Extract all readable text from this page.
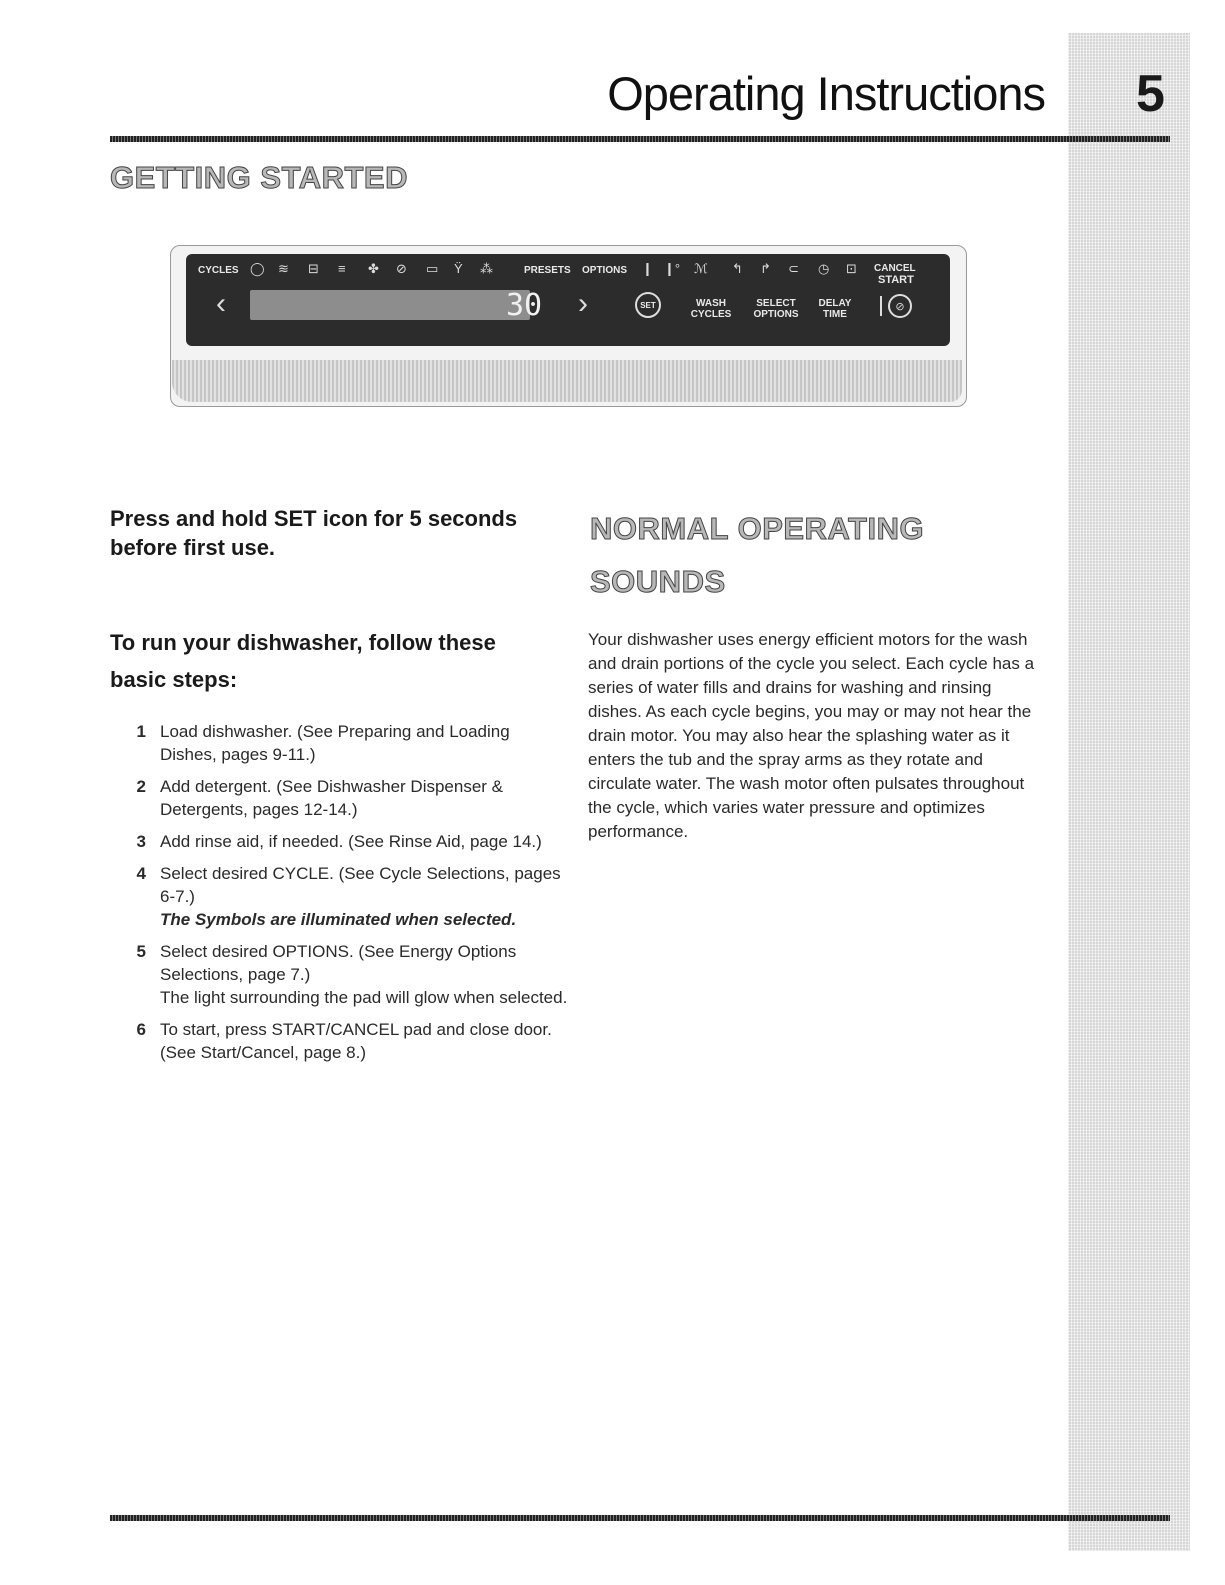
Operating Instructions 5
GETTING STARTED
CYCLES ◯ ≋ ⊟ ≡ ✤ ⊘ ▭ Ϋ ⁂	PRESETS OPTIONS ❙ ❙° ℳ ↰ ↱ ⊂ ◷ ⊡ CANCEL
START
‹	30 ›	SET	WASH CYCLES
SELECT OPTIONS
DELAY TIME
⊘

Press and hold SET icon for 5 seconds before first use.

To run your dishwasher, follow these basic steps:

1 Load dishwasher. (See Preparing and Loading Dishes, pages 9-11.)
2 Add detergent. (See Dishwasher Dispenser & Detergents, pages 12-14.)
3 Add rinse aid, if needed. (See Rinse Aid, page 14.)
4 Select desired CYCLE. (See Cycle Selections, pages 6-7.)
The Symbols are illuminated when selected.
5 Select desired OPTIONS. (See Energy Options Selections, page 7.)
The light surrounding the pad will glow when selected.
6 To start, press START/CANCEL pad and close door. (See Start/Cancel, page 8.)
NORMAL OPERATING SOUNDS

Your dishwasher uses energy efficient motors for the wash and drain portions of the cycle you select. Each cycle has a series of water fills and drains for washing and rinsing dishes. As each cycle begins, you may or may not hear the drain motor. You may also hear the splashing water as it enters the tub and the spray arms as they rotate and circulate water. The wash motor often pulsates throughout the cycle, which varies water pressure and optimizes performance.
